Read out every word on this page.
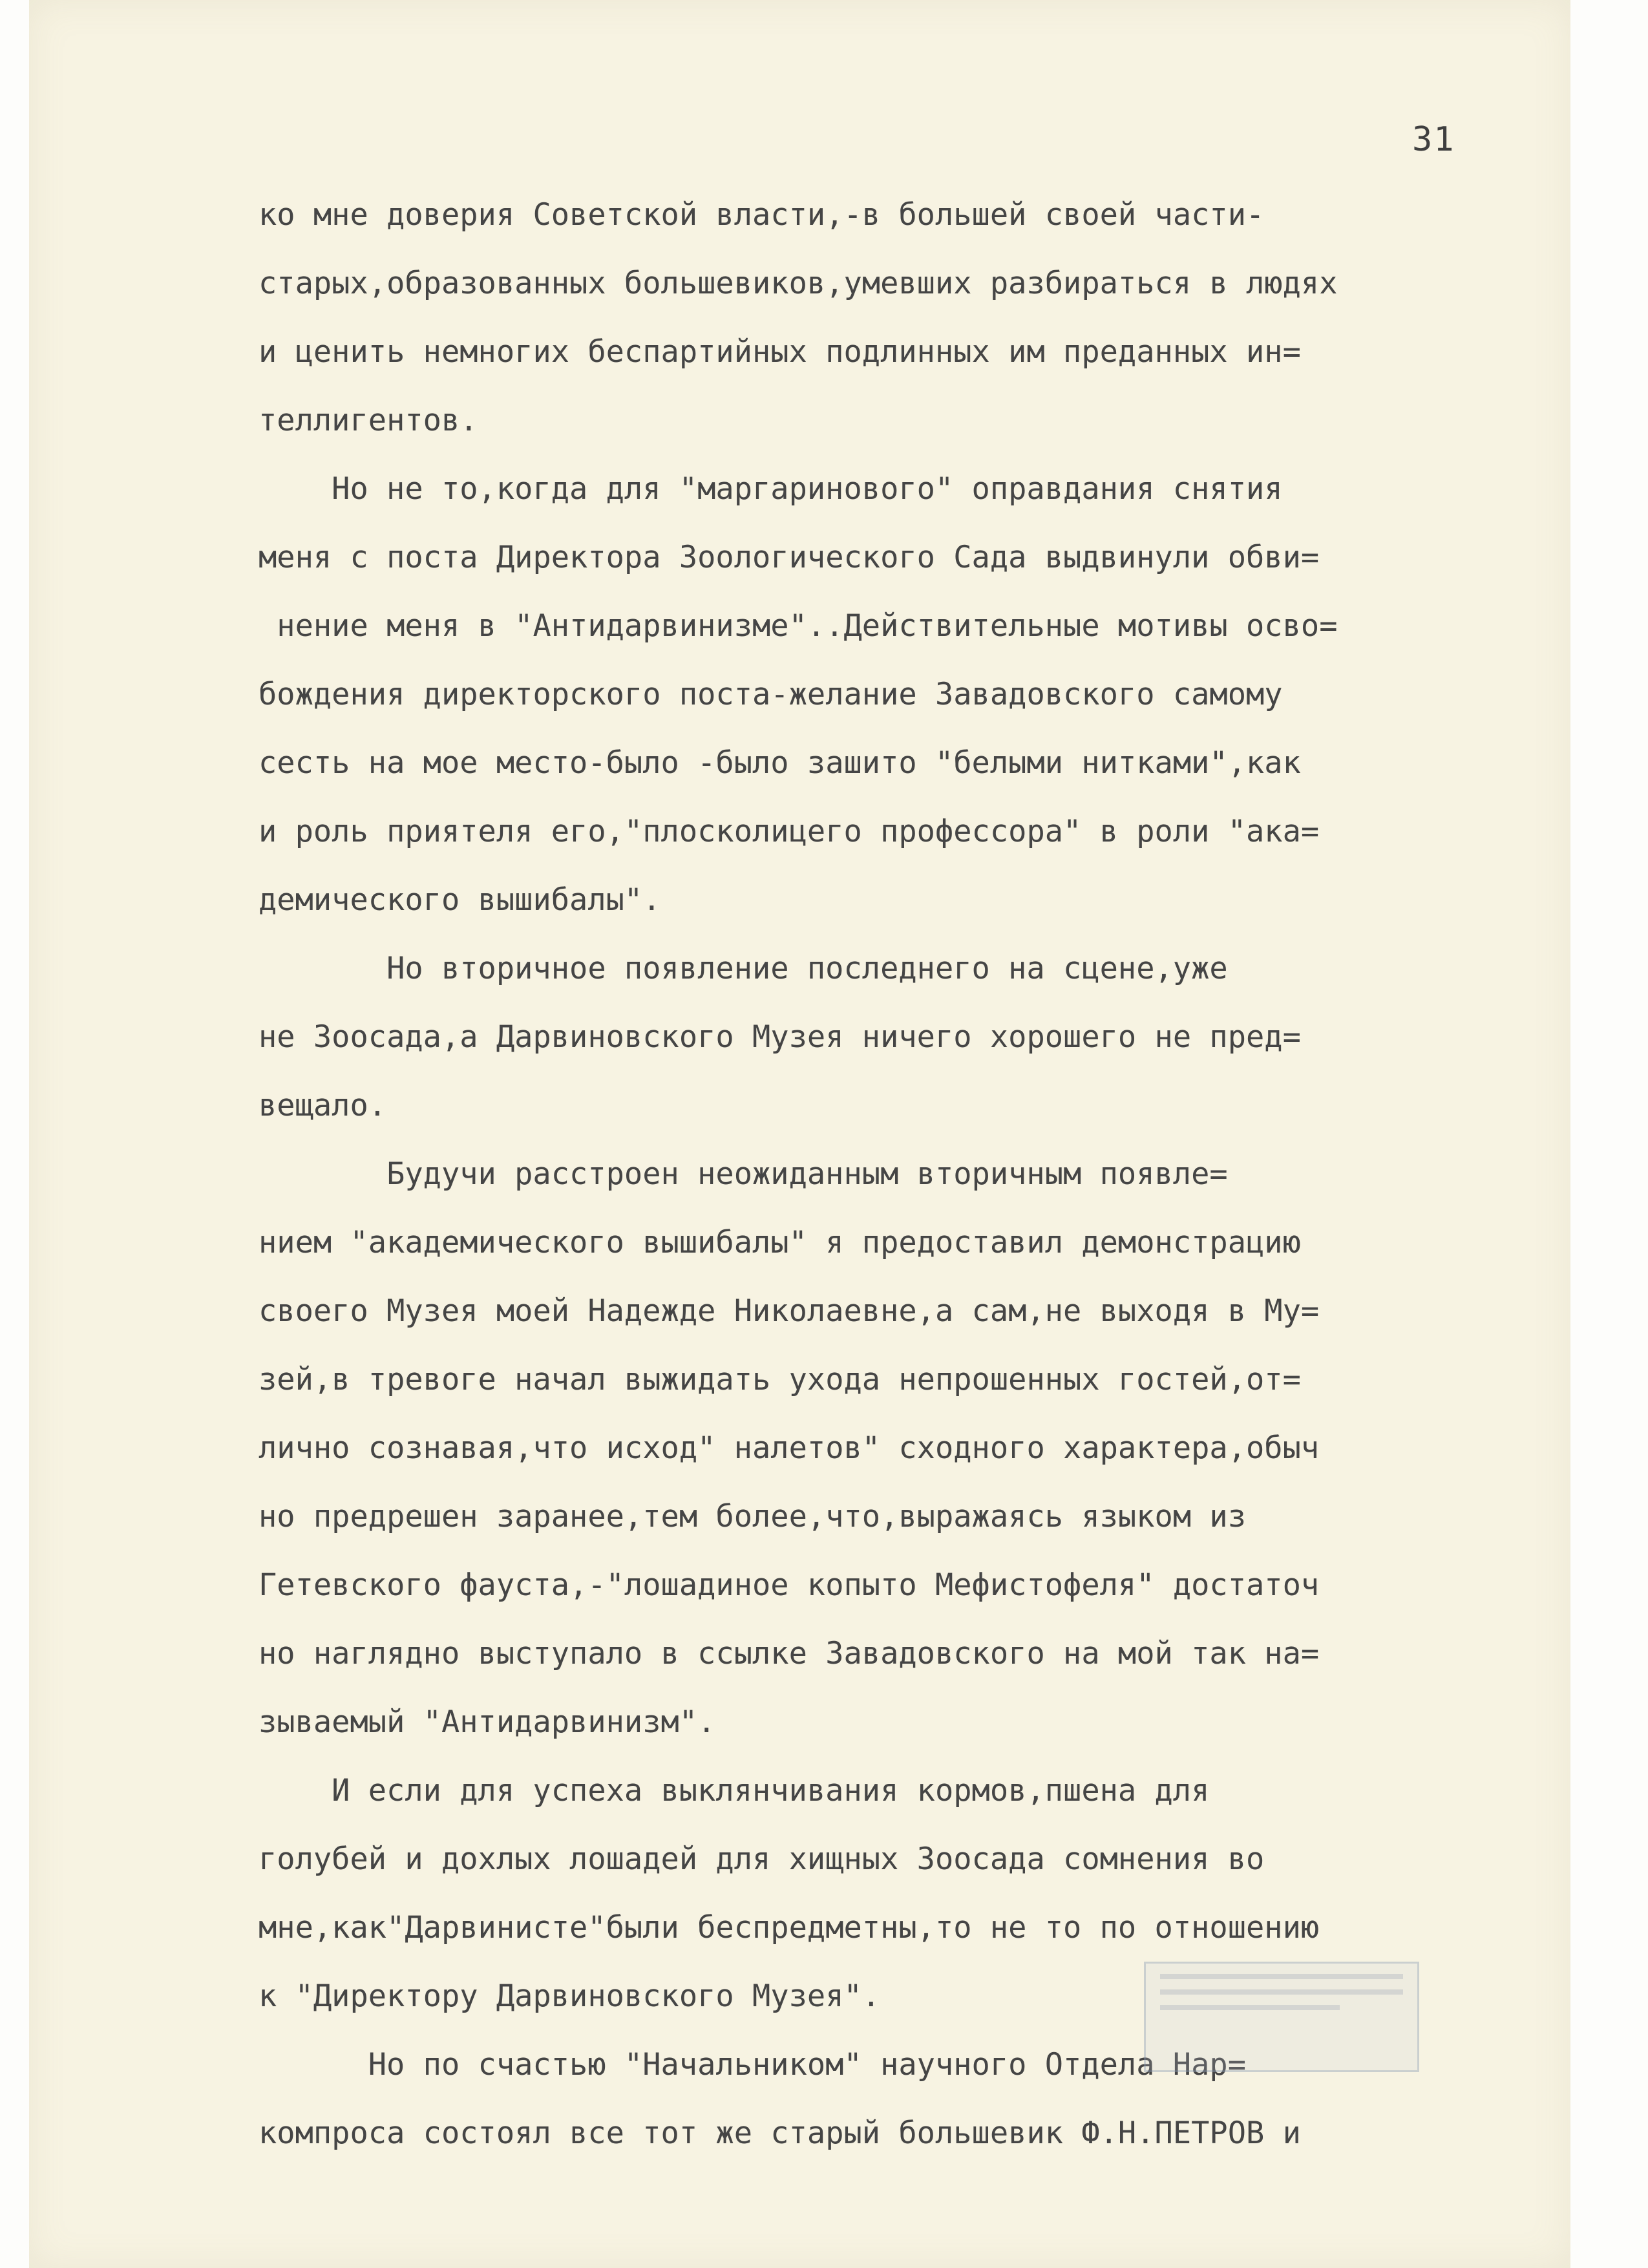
31
ко мне доверия Советской власти,-в большей своей части-
старых,образованных большевиков,умевших разбираться в людях
и ценить немногих беспартийных подлинных им преданных ин=
теллигентов.
Но не то,когда для "маргаринового" оправдания снятия
меня с поста Директора Зоологического Сада выдвинули обви=
нение меня в "Антидарвинизме"..Действительные мотивы осво=
бождения директорского поста-желание Завадовского самому
сесть на мое место-было -было зашито "белыми нитками",как
и роль приятеля его,"плосколицего профессора" в роли "ака=
демического вышибалы".
Но вторичное появление последнего на сцене,уже
не Зоосада,а Дарвиновского Музея ничего хорошего не пред=
вещало.
Будучи расстроен неожиданным вторичным появле=
нием "академического вышибалы" я предоставил демонстрацию
своего Музея моей Надежде Николаевне,а сам,не выходя в Му=
зей,в тревоге начал выжидать ухода непрошенных гостей,от=
лично сознавая,что исход" налетов" сходного характера,обыч
но предрешен заранее,тем более,что,выражаясь языком из
Гетевского фауста,-"лошадиное копыто Мефистофеля" достаточ
но наглядно выступало в ссылке Завадовского на мой так на=
зываемый "Антидарвинизм".
И если для успеха выклянчивания кормов,пшена для
голубей и дохлых лошадей для хищных Зоосада сомнения во
мне,как"Дарвинисте"были беспредметны,то не то по отношению
к "Директору Дарвиновского Музея".
Но по счастью "Начальником" научного Отдела Нар=
компроса состоял все тот же старый большевик Ф.Н.ПЕТРОВ и
